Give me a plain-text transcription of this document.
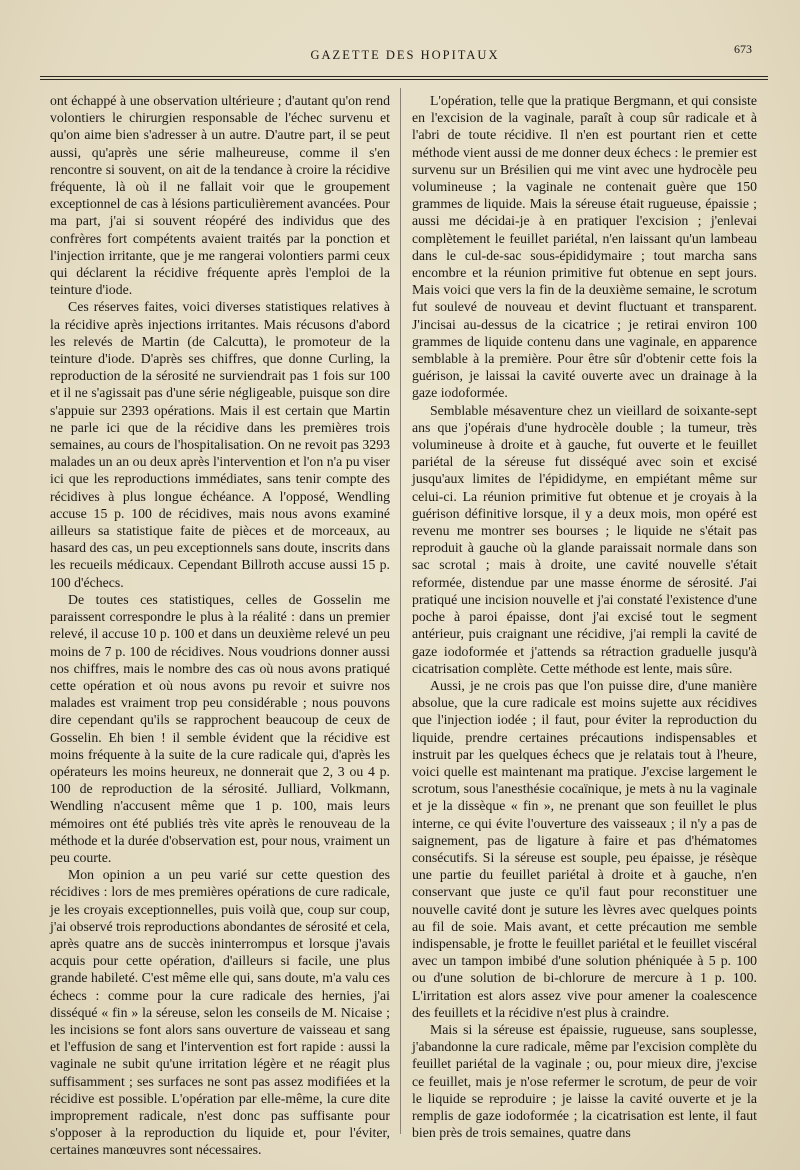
GAZETTE DES HOPITAUX	673

ont échappé à une observation ultérieure ; d'autant qu'on rend volontiers le chirurgien responsable de l'échec survenu et qu'on aime bien s'adresser à un autre. D'autre part, il se peut aussi, qu'après une série malheureuse, comme il s'en rencontre si souvent, on ait de la tendance à croire la récidive fréquente, là où il ne fallait voir que le groupement exceptionnel de cas à lésions particulièrement avancées. Pour ma part, j'ai si souvent réopéré des individus que des confrères fort compétents avaient traités par la ponction et l'injection irritante, que je me rangerai volontiers parmi ceux qui déclarent la récidive fréquente après l'emploi de la teinture d'iode.

Ces réserves faites, voici diverses statistiques relatives à la récidive après injections irritantes. Mais récusons d'abord les relevés de Martin (de Calcutta), le promoteur de la teinture d'iode. D'après ses chiffres, que donne Curling, la reproduction de la sérosité ne surviendrait pas 1 fois sur 100 et il ne s'agissait pas d'une série négligeable, puisque son dire s'appuie sur 2393 opérations. Mais il est certain que Martin ne parle ici que de la récidive dans les premières trois semaines, au cours de l'hospitalisation. On ne revoit pas 3293 malades un an ou deux après l'intervention et l'on n'a pu viser ici que les reproductions immédiates, sans tenir compte des récidives à plus longue échéance. A l'opposé, Wendling accuse 15 p. 100 de récidives, mais nous avons examiné ailleurs sa statistique faite de pièces et de morceaux, au hasard des cas, un peu exceptionnels sans doute, inscrits dans les recueils médicaux. Cependant Billroth accuse aussi 15 p. 100 d'échecs.

De toutes ces statistiques, celles de Gosselin me paraissent correspondre le plus à la réalité : dans un premier relevé, il accuse 10 p. 100 et dans un deuxième relevé un peu moins de 7 p. 100 de récidives. Nous voudrions donner aussi nos chiffres, mais le nombre des cas où nous avons pratiqué cette opération et où nous avons pu revoir et suivre nos malades est vraiment trop peu considérable ; nous pouvons dire cependant qu'ils se rapprochent beaucoup de ceux de Gosselin. Eh bien ! il semble évident que la récidive est moins fréquente à la suite de la cure radicale qui, d'après les opérateurs les moins heureux, ne donnerait que 2, 3 ou 4 p. 100 de reproduction de la sérosité. Julliard, Volkmann, Wendling n'accusent même que 1 p. 100, mais leurs mémoires ont été publiés très vite après le renouveau de la méthode et la durée d'observation est, pour nous, vraiment un peu courte.

Mon opinion a un peu varié sur cette question des récidives : lors de mes premières opérations de cure radicale, je les croyais exceptionnelles, puis voilà que, coup sur coup, j'ai observé trois reproductions abondantes de sérosité et cela, après quatre ans de succès ininterrompus et lorsque j'avais acquis pour cette opération, d'ailleurs si facile, une plus grande habileté. C'est même elle qui, sans doute, m'a valu ces échecs : comme pour la cure radicale des hernies, j'ai disséqué « fin » la séreuse, selon les conseils de M. Nicaise ; les incisions se font alors sans ouverture de vaisseau et sang et l'effusion de sang et l'intervention est fort rapide : aussi la vaginale ne subit qu'une irritation légère et ne réagit plus suffisamment ; ses surfaces ne sont pas assez modifiées et la récidive est possible. L'opération par elle-même, la cure dite improprement radicale, n'est donc pas suffisante pour s'opposer à la reproduction du liquide et, pour l'éviter, certaines manœuvres sont nécessaires.

L'opération, telle que la pratique Bergmann, et qui consiste en l'excision de la vaginale, paraît à coup sûr radicale et à l'abri de toute récidive. Il n'en est pourtant rien et cette méthode vient aussi de me donner deux échecs : le premier est survenu sur un Brésilien qui me vint avec une hydrocèle peu volumineuse ; la vaginale ne contenait guère que 150 grammes de liquide. Mais la séreuse était rugueuse, épaissie ; aussi me décidai-je à en pratiquer l'excision ; j'enlevai complètement le feuillet pariétal, n'en laissant qu'un lambeau dans le cul-de-sac sous-épididymaire ; tout marcha sans encombre et la réunion primitive fut obtenue en sept jours. Mais voici que vers la fin de la deuxième semaine, le scrotum fut soulevé de nouveau et devint fluctuant et transparent. J'incisai au-dessus de la cicatrice ; je retirai environ 100 grammes de liquide contenu dans une vaginale, en apparence semblable à la première. Pour être sûr d'obtenir cette fois la guérison, je laissai la cavité ouverte avec un drainage à la gaze iodoformée.

Semblable mésaventure chez un vieillard de soixante-sept ans que j'opérais d'une hydrocèle double ; la tumeur, très volumineuse à droite et à gauche, fut ouverte et le feuillet pariétal de la séreuse fut disséqué avec soin et excisé jusqu'aux limites de l'épididyme, en empiétant même sur celui-ci. La réunion primitive fut obtenue et je croyais à la guérison définitive lorsque, il y a deux mois, mon opéré est revenu me montrer ses bourses ; le liquide ne s'était pas reproduit à gauche où la glande paraissait normale dans son sac scrotal ; mais à droite, une cavité nouvelle s'était reformée, distendue par une masse énorme de sérosité. J'ai pratiqué une incision nouvelle et j'ai constaté l'existence d'une poche à paroi épaisse, dont j'ai excisé tout le segment antérieur, puis craignant une récidive, j'ai rempli la cavité de gaze iodoformée et j'attends sa rétraction graduelle jusqu'à cicatrisation complète. Cette méthode est lente, mais sûre.

Aussi, je ne crois pas que l'on puisse dire, d'une manière absolue, que la cure radicale est moins sujette aux récidives que l'injection iodée ; il faut, pour éviter la reproduction du liquide, prendre certaines précautions indispensables et instruit par les quelques échecs que je relatais tout à l'heure, voici quelle est maintenant ma pratique. J'excise largement le scrotum, sous l'anesthésie cocaïnique, je mets à nu la vaginale et je la dissèque « fin », ne prenant que son feuillet le plus interne, ce qui évite l'ouverture des vaisseaux ; il n'y a pas de saignement, pas de ligature à faire et pas d'hématomes consécutifs. Si la séreuse est souple, peu épaisse, je résèque une partie du feuillet pariétal à droite et à gauche, n'en conservant que juste ce qu'il faut pour reconstituer une nouvelle cavité dont je suture les lèvres avec quelques points au fil de soie. Mais avant, et cette précaution me semble indispensable, je frotte le feuillet pariétal et le feuillet viscéral avec un tampon imbibé d'une solution phéniquée à 5 p. 100 ou d'une solution de bi-chlorure de mercure à 1 p. 100. L'irritation est alors assez vive pour amener la coalescence des feuillets et la récidive n'est plus à craindre.

Mais si la séreuse est épaissie, rugueuse, sans souplesse, j'abandonne la cure radicale, même par l'excision complète du feuillet pariétal de la vaginale ; ou, pour mieux dire, j'excise ce feuillet, mais je n'ose refermer le scrotum, de peur de voir le liquide se reproduire ; je laisse la cavité ouverte et je la remplis de gaze iodoformée ; la cicatrisation est lente, il faut bien près de trois semaines, quatre dans
